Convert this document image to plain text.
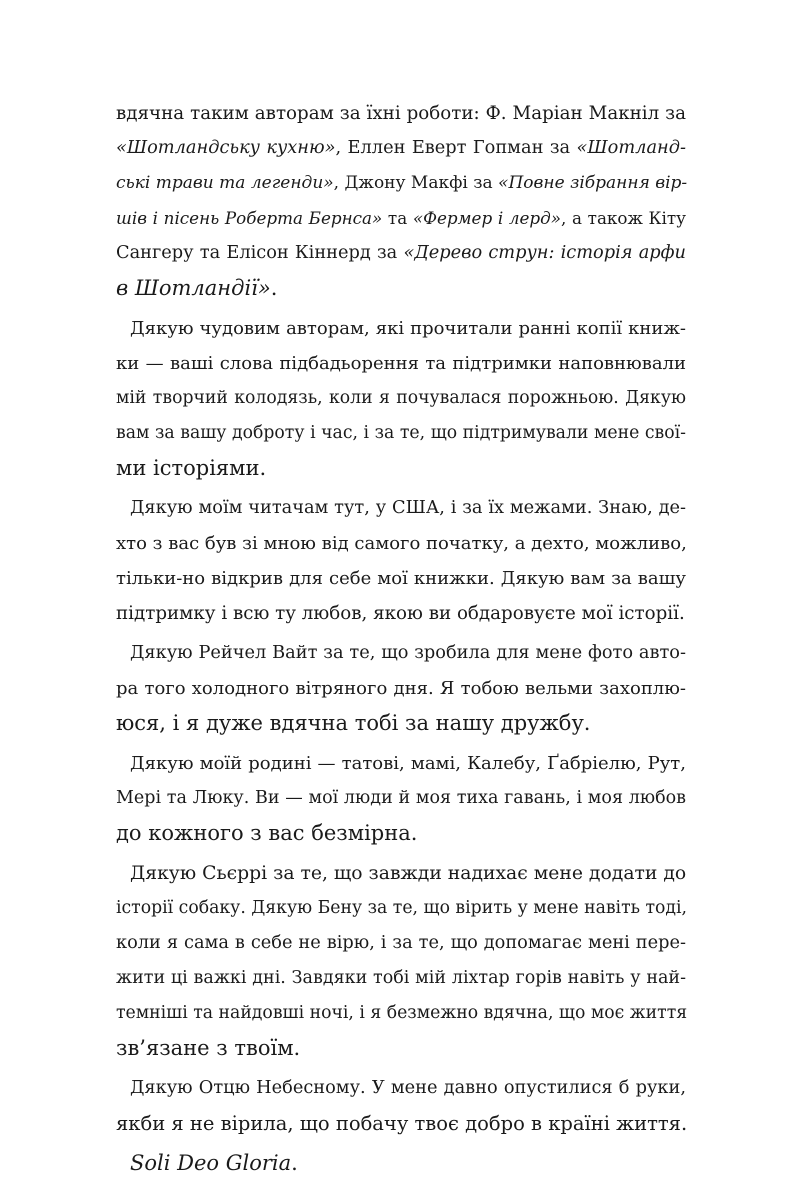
вдячна таким авторам за їхні роботи: Ф. Маріан Макніл за
«Шотландську кухню», Еллен Еверт Гопман за «Шотланд-
ські трави та легенди», Джону Макфі за «Повне зібрання вір-
шів і пісень Роберта Бернса» та «Фермер і лерд», а також Кіту
Сангеру та Елісон Кіннерд за «Дерево струн: історія арфи
в Шотландії».
Дякую чудовим авторам, які прочитали ранні копії книж-
ки — ваші слова підбадьорення та підтримки наповнювали
мій творчий колодязь, коли я почувалася порожньою. Дякую
вам за вашу доброту і час, і за те, що підтримували мене свої-
ми історіями.
Дякую моїм читачам тут, у США, і за їх межами. Знаю, де-
хто з вас був зі мною від самого початку, а дехто, можливо,
тільки-но відкрив для себе мої книжки. Дякую вам за вашу
підтримку і всю ту любов, якою ви обдаровуєте мої історії.
Дякую Рейчел Вайт за те, що зробила для мене фото авто-
ра того холодного вітряного дня. Я тобою вельми захоплю-
юся, і я дуже вдячна тобі за нашу дружбу.
Дякую моїй родині — татові, мамі, Калебу, Ґабріелю, Рут,
Мері та Люку. Ви — мої люди й моя тиха гавань, і моя любов
до кожного з вас безмірна.
Дякую Сьєррі за те, що завжди надихає мене додати до
історії собаку. Дякую Бену за те, що вірить у мене навіть тоді,
коли я сама в себе не вірю, і за те, що допомагає мені пере-
жити ці важкі дні. Завдяки тобі мій ліхтар горів навіть у най-
темніші та найдовші ночі, і я безмежно вдячна, що моє життя
зв’язане з твоїм.
Дякую Отцю Небесному. У мене давно опустилися б руки,
якби я не вірила, що побачу твоє добро в країні життя.
Soli Deo Gloria.
